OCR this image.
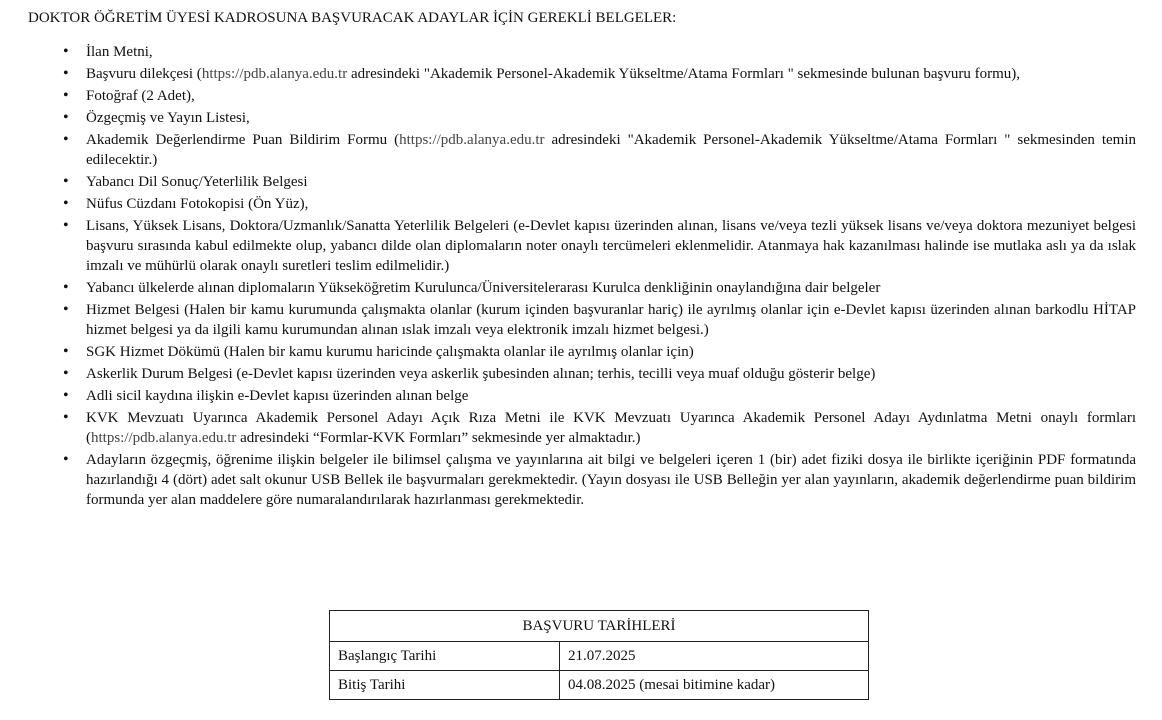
DOKTOR ÖĞRETİM ÜYESİ KADROSUNA BAŞVURACAK ADAYLAR İÇİN GEREKLİ BELGELER:
• İlan Metni,
• Başvuru dilekçesi (https://pdb.alanya.edu.tr adresindeki "Akademik Personel-Akademik Yükseltme/Atama Formları " sekmesinde bulunan başvuru formu),
• Fotoğraf (2 Adet),
• Özgeçmiş ve Yayın Listesi,
• Akademik Değerlendirme Puan Bildirim Formu (https://pdb.alanya.edu.tr adresindeki "Akademik Personel-Akademik Yükseltme/Atama Formları " sekmesinden temin edilecektir.)
• Yabancı Dil Sonuç/Yeterlilik Belgesi
• Nüfus Cüzdanı Fotokopisi (Ön Yüz),
• Lisans, Yüksek Lisans, Doktora/Uzmanlık/Sanatta Yeterlilik Belgeleri (e-Devlet kapısı üzerinden alınan, lisans ve/veya tezli yüksek lisans ve/veya doktora mezuniyet belgesi başvuru sırasında kabul edilmekte olup, yabancı dilde olan diplomaların noter onaylı tercümeleri eklenmelidir. Atanmaya hak kazanılması halinde ise mutlaka aslı ya da ıslak imzalı ve mühürlü olarak onaylı suretleri teslim edilmelidir.)
• Yabancı ülkelerde alınan diplomaların Yükseköğretim Kurulunca/Üniversitelerarası Kurulca denkliğinin onaylandığına dair belgeler
• Hizmet Belgesi (Halen bir kamu kurumunda çalışmakta olanlar (kurum içinden başvuranlar hariç) ile ayrılmış olanlar için e-Devlet kapısı üzerinden alınan barkodlu HİTAP hizmet belgesi ya da ilgili kamu kurumundan alınan ıslak imzalı veya elektronik imzalı hizmet belgesi.)
• SGK Hizmet Dökümü (Halen bir kamu kurumu haricinde çalışmakta olanlar ile ayrılmış olanlar için)
• Askerlik Durum Belgesi (e-Devlet kapısı üzerinden veya askerlik şubesinden alınan; terhis, tecilli veya muaf olduğu gösterir belge)
• Adli sicil kaydına ilişkin e-Devlet kapısı üzerinden alınan belge
• KVK Mevzuatı Uyarınca Akademik Personel Adayı Açık Rıza Metni ile KVK Mevzuatı Uyarınca Akademik Personel Adayı Aydınlatma Metni onaylı formları (https://pdb.alanya.edu.tr adresindeki “Formlar-KVK Formları” sekmesinde yer almaktadır.)
• Adayların özgeçmiş, öğrenime ilişkin belgeler ile bilimsel çalışma ve yayınlarına ait bilgi ve belgeleri içeren 1 (bir) adet fiziki dosya ile birlikte içeriğinin PDF formatında hazırlandığı 4 (dört) adet salt okunur USB Bellek ile başvurmaları gerekmektedir. (Yayın dosyası ile USB Belleğin yer alan yayınların, akademik değerlendirme puan bildirim formunda yer alan maddelere göre numaralandırılarak hazırlanması gerekmektedir.
BAŞVURU TARİHLERİ	
Başlangıç Tarihi	21.07.2025
Bitiş Tarihi	04.08.2025 (mesai bitimine kadar)
